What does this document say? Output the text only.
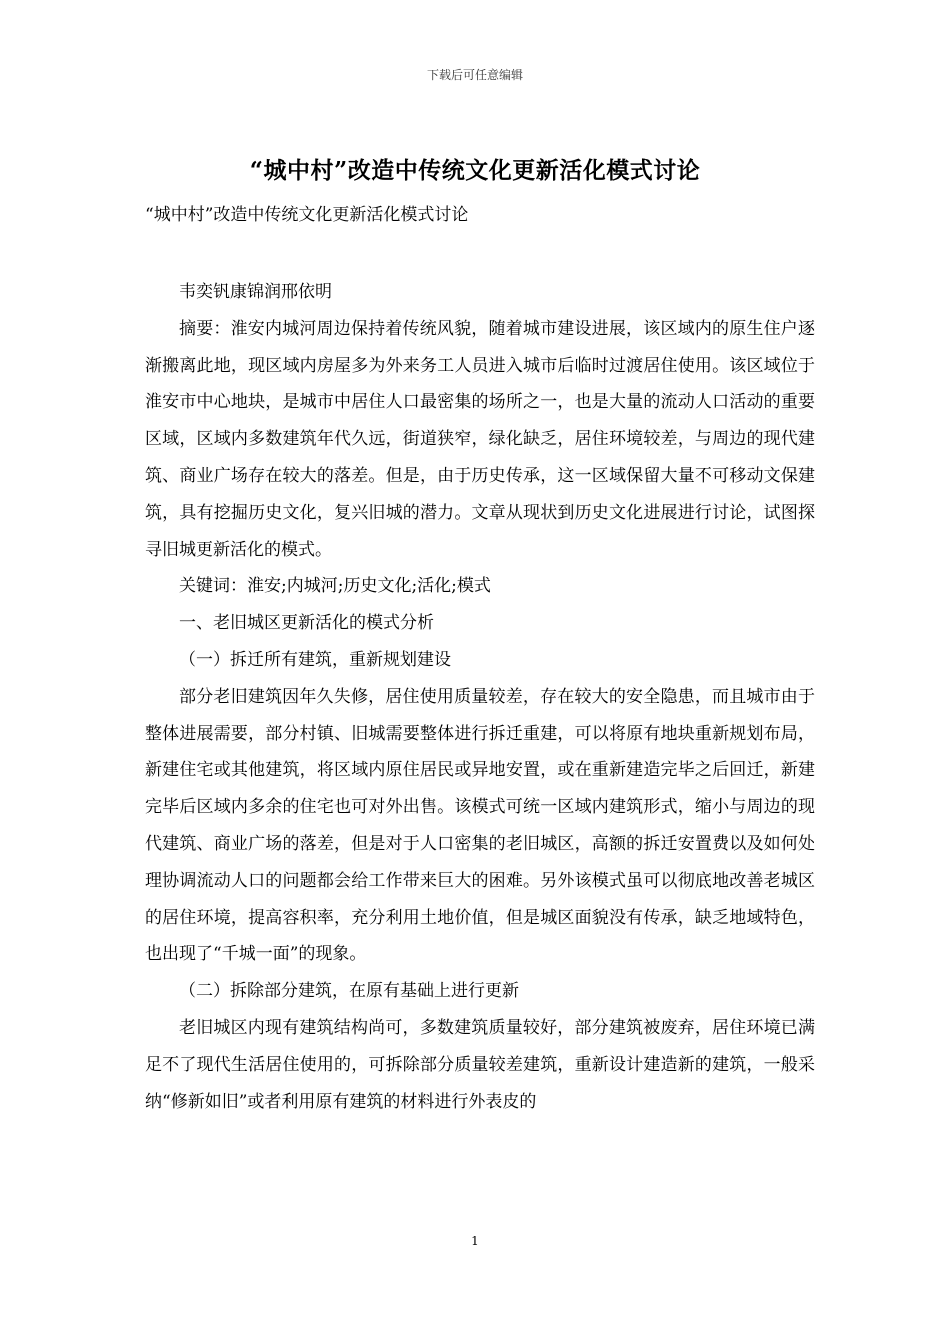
下载后可任意编辑
“城中村”改造中传统文化更新活化模式讨论
“城中村”改造中传统文化更新活化模式讨论

韦奕钒康锦润邢依明

摘要：淮安内城河周边保持着传统风貌，随着城市建设进展，该区域内的原生住户逐渐搬离此地，现区域内房屋多为外来务工人员进入城市后临时过渡居住使用。该区域位于淮安市中心地块，是城市中居住人口最密集的场所之一，也是大量的流动人口活动的重要区域，区域内多数建筑年代久远，街道狭窄，绿化缺乏，居住环境较差，与周边的现代建筑、商业广场存在较大的落差。但是，由于历史传承，这一区域保留大量不可移动文保建筑，具有挖掘历史文化，复兴旧城的潜力。文章从现状到历史文化进展进行讨论，试图探寻旧城更新活化的模式。

关键词：淮安;内城河;历史文化;活化;模式

一、老旧城区更新活化的模式分析

（一）拆迁所有建筑，重新规划建设

部分老旧建筑因年久失修，居住使用质量较差，存在较大的安全隐患，而且城市由于整体进展需要，部分村镇、旧城需要整体进行拆迁重建，可以将原有地块重新规划布局，新建住宅或其他建筑，将区域内原住居民或异地安置，或在重新建造完毕之后回迁，新建完毕后区域内多余的住宅也可对外出售。该模式可统一区域内建筑形式，缩小与周边的现代建筑、商业广场的落差，但是对于人口密集的老旧城区，高额的拆迁安置费以及如何处理协调流动人口的问题都会给工作带来巨大的困难。另外该模式虽可以彻底地改善老城区的居住环境，提高容积率，充分利用土地价值，但是城区面貌没有传承，缺乏地域特色，也出现了“千城一面”的现象。

（二）拆除部分建筑，在原有基础上进行更新

老旧城区内现有建筑结构尚可，多数建筑质量较好，部分建筑被废弃，居住环境已满足不了现代生活居住使用的，可拆除部分质量较差建筑，重新设计建造新的建筑，一般采纳“修新如旧”或者利用原有建筑的材料进行外表皮的

1
